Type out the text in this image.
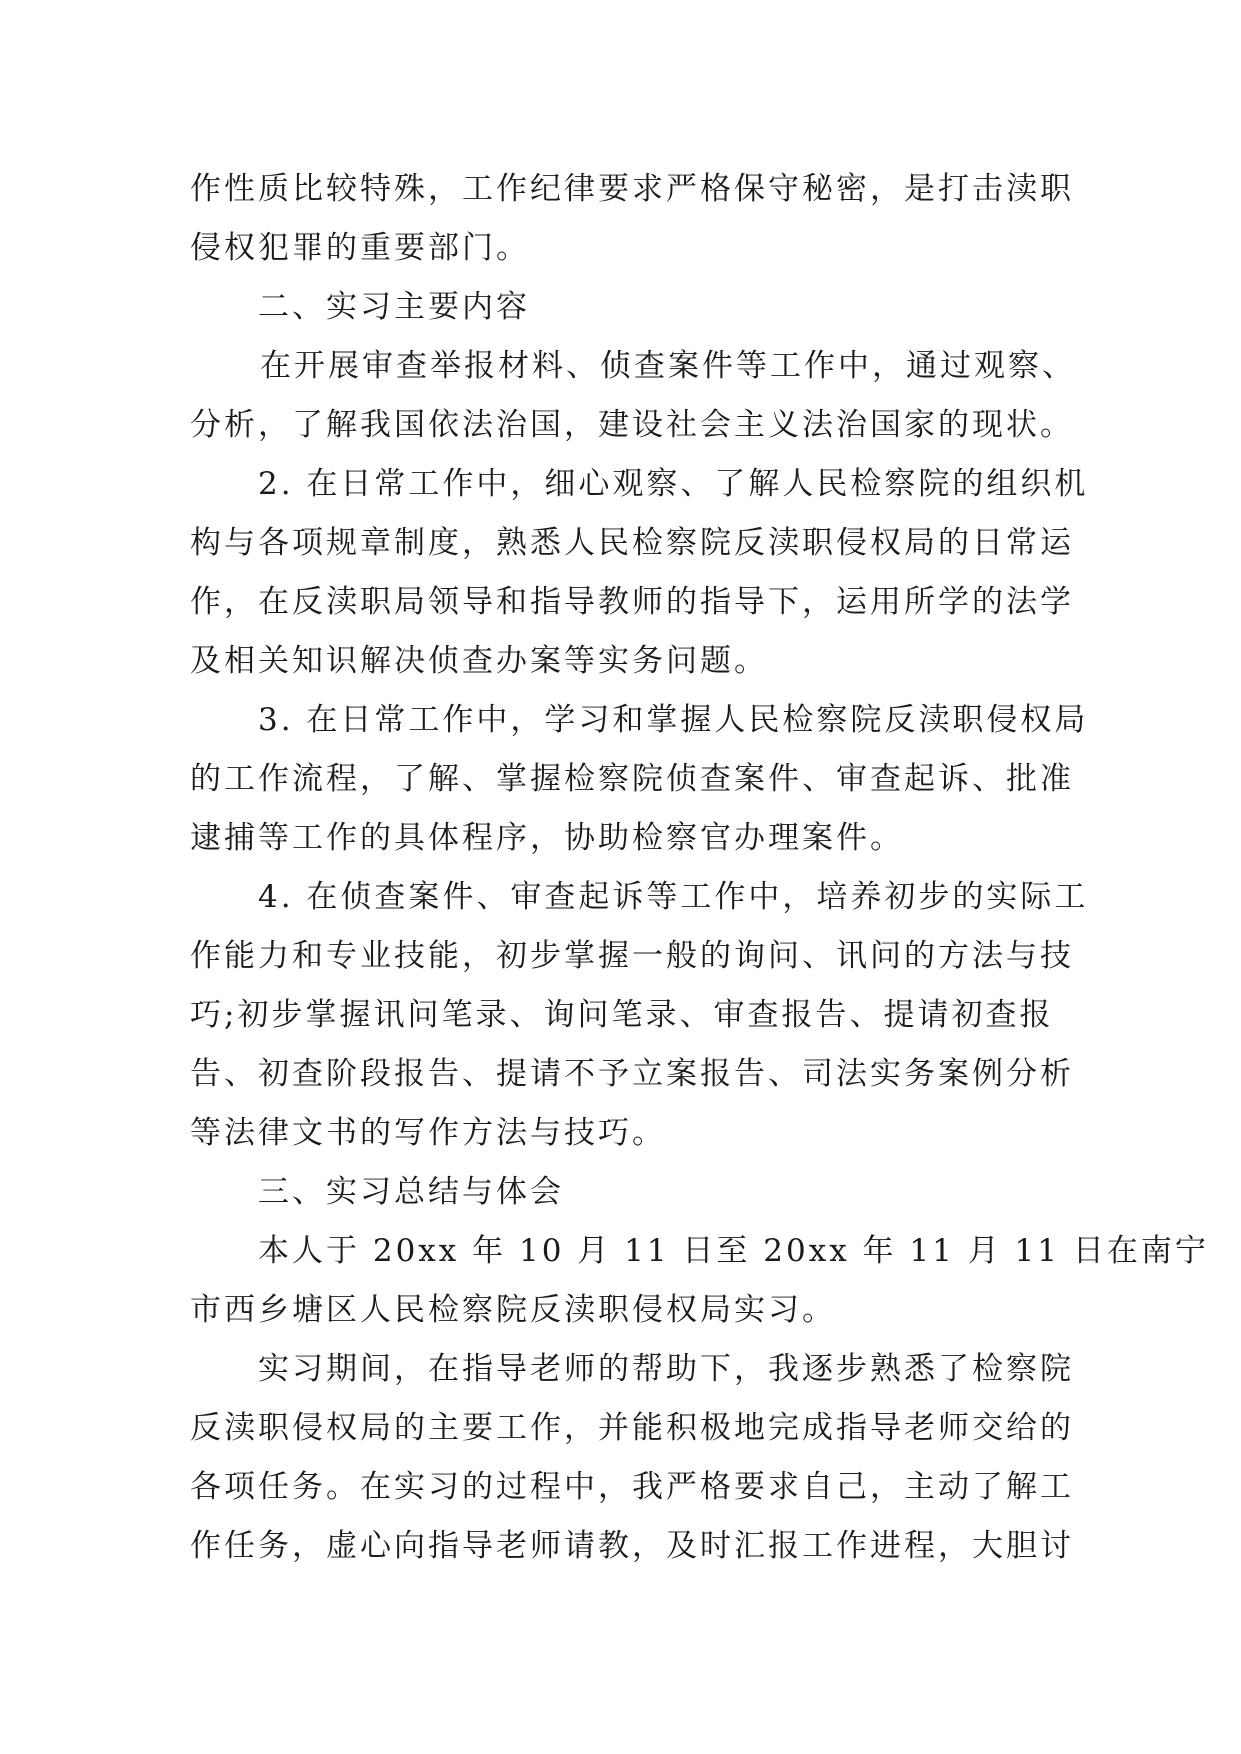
作性质比较特殊，工作纪律要求严格保守秘密，是打击渎职
侵权犯罪的重要部门。
二、实习主要内容
在开展审查举报材料、侦查案件等工作中，通过观察、
分析，了解我国依法治国，建设社会主义法治国家的现状。
2. 在日常工作中，细心观察、了解人民检察院的组织机
构与各项规章制度，熟悉人民检察院反渎职侵权局的日常运
作，在反渎职局领导和指导教师的指导下，运用所学的法学
及相关知识解决侦查办案等实务问题。
3. 在日常工作中，学习和掌握人民检察院反渎职侵权局
的工作流程，了解、掌握检察院侦查案件、审查起诉、批准
逮捕等工作的具体程序，协助检察官办理案件。
4. 在侦查案件、审查起诉等工作中，培养初步的实际工
作能力和专业技能，初步掌握一般的询问、讯问的方法与技
巧;初步掌握讯问笔录、询问笔录、审查报告、提请初查报
告、初查阶段报告、提请不予立案报告、司法实务案例分析
等法律文书的写作方法与技巧。
三、实习总结与体会
本人于 20xx 年 10 月 11 日至 20xx 年 11 月 11 日在南宁
市西乡塘区人民检察院反渎职侵权局实习。
实习期间，在指导老师的帮助下，我逐步熟悉了检察院
反渎职侵权局的主要工作，并能积极地完成指导老师交给的
各项任务。在实习的过程中，我严格要求自己，主动了解工
作任务，虚心向指导老师请教，及时汇报工作进程，大胆讨
